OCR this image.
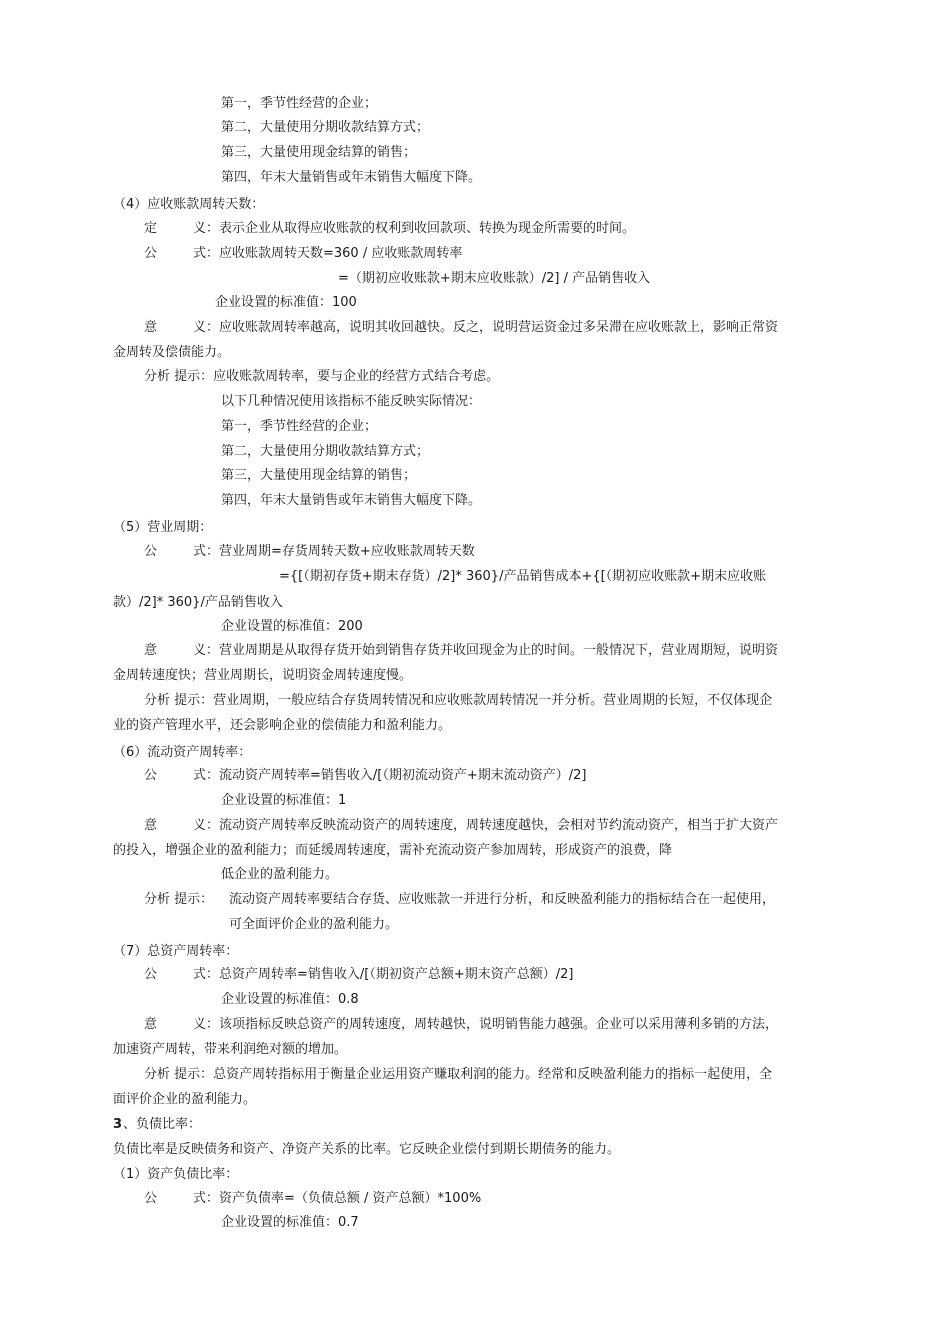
第一，季节性经营的企业；
第二，大量使用分期收款结算方式；
第三，大量使用现金结算的销售；
第四，年末大量销售或年末销售大幅度下降。
（4）应收账款周转天数：
定	义：表示企业从取得应收账款的权利到收回款项、转换为现金所需要的时间。
公	式：应收账款周转天数=360 / 应收账款周转率
=（期初应收账款+期末应收账款）/2] / 产品销售收入
企业设置的标准值：100
意	义：应收账款周转率越高，说明其收回越快。反之，说明营运资金过多呆滞在应收账款上，影响正常资
金周转及偿债能力。
分析 提示：应收账款周转率，要与企业的经营方式结合考虑。
以下几种情况使用该指标不能反映实际情况：
第一，季节性经营的企业；
第二，大量使用分期收款结算方式；
第三，大量使用现金结算的销售；
第四，年末大量销售或年末销售大幅度下降。
（5）营业周期：
公	式：营业周期=存货周转天数+应收账款周转天数
={[（期初存货+期末存货）/2]* 360}/产品销售成本+{[（期初应收账款+期末应收账
款）/2]* 360}/产品销售收入
企业设置的标准值：200
意	义：营业周期是从取得存货开始到销售存货并收回现金为止的时间。一般情况下，营业周期短，说明资
金周转速度快；营业周期长，说明资金周转速度慢。
分析 提示：营业周期，一般应结合存货周转情况和应收账款周转情况一并分析。营业周期的长短，不仅体现企
业的资产管理水平，还会影响企业的偿债能力和盈利能力。
（6）流动资产周转率：
公	式：流动资产周转率=销售收入/[（期初流动资产+期末流动资产）/2]
企业设置的标准值：1
意	义：流动资产周转率反映流动资产的周转速度，周转速度越快，会相对节约流动资产，相当于扩大资产
的投入，增强企业的盈利能力；而延缓周转速度，需补充流动资产参加周转，形成资产的浪费，降
低企业的盈利能力。
分析 提示： 流动资产周转率要结合存货、应收账款一并进行分析，和反映盈利能力的指标结合在一起使用，
可全面评价企业的盈利能力。
（7）总资产周转率：
公	式：总资产周转率=销售收入/[（期初资产总额+期末资产总额）/2]
企业设置的标准值：0.8
意	义：该项指标反映总资产的周转速度，周转越快，说明销售能力越强。企业可以采用薄利多销的方法，
加速资产周转，带来利润绝对额的增加。
分析 提示：总资产周转指标用于衡量企业运用资产赚取利润的能力。经常和反映盈利能力的指标一起使用，全
面评价企业的盈利能力。
3 、负债比率：
负债比率是反映债务和资产、净资产关系的比率。它反映企业偿付到期长期债务的能力。
（1）资产负债比率：
公	式：资产负债率=（负债总额 / 资产总额）*100%
企业设置的标准值：0.7
